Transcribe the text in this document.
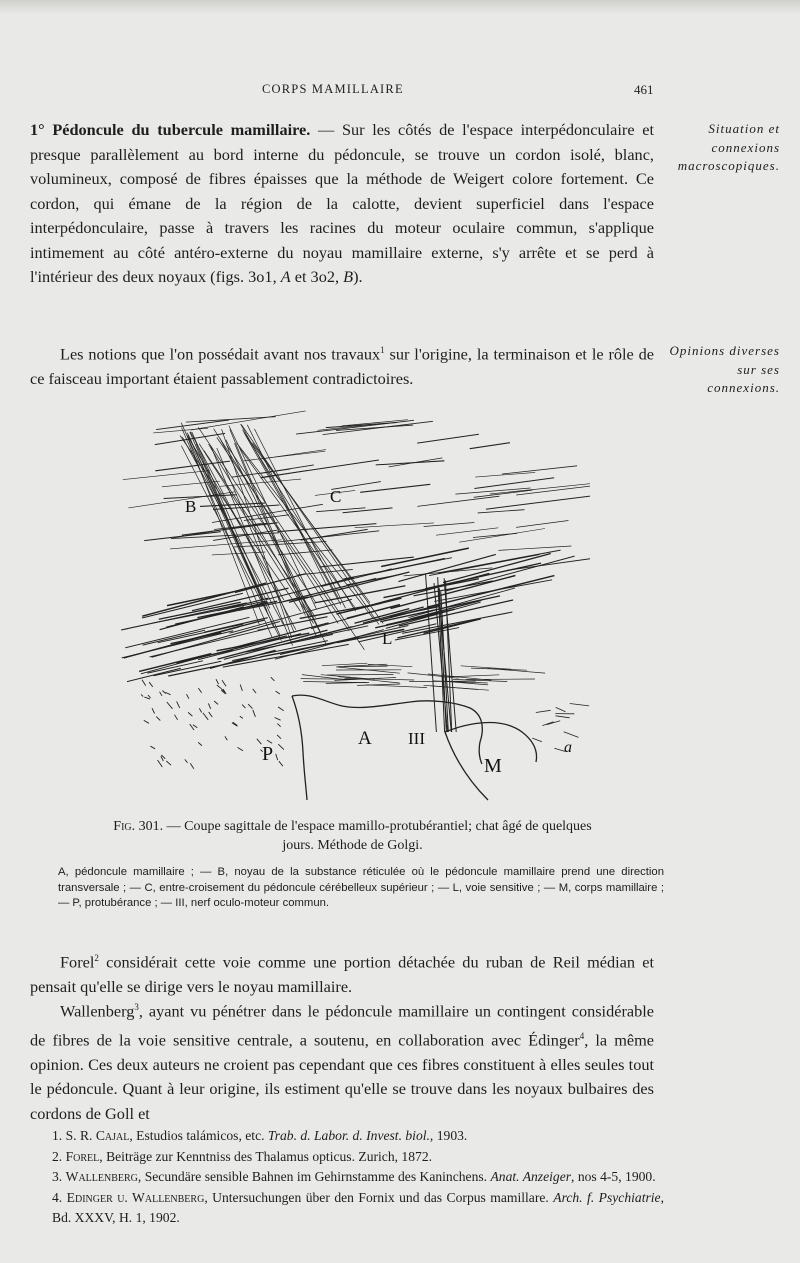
CORPS MAMILLAIRE	461
1° Pédoncule du tubercule mamillaire. — Sur les côtés de l'espace interpédonculaire et presque parallèlement au bord interne du pédoncule, se trouve un cordon isolé, blanc, volumineux, composé de fibres épaisses que la méthode de Weigert colore fortement. Ce cordon, qui émane de la région de la calotte, devient superficiel dans l'espace interpédonculaire, passe à travers les racines du moteur oculaire commun, s'applique intimement au côté antéro-externe du noyau mamillaire externe, s'y arrête et se perd à l'intérieur des deux noyaux (figs. 3o1, A et 3o2, B).
Situation et connexions macroscopiques.
Les notions que l'on possédait avant nos travaux$^1$ sur l'origine, la terminaison et le rôle de ce faisceau important étaient passablement contradictoires.
Opinions diverses sur ses connexions.
B
C
L
A III
P
M
a
Fig. 301. — Coupe sagittale de l'espace mamillo-protubérantiel; chat âgé de quelques jours. Méthode de Golgi.
A, pédoncule mamillaire ; — B, noyau de la substance réticulée où le pédoncule mamillaire prend une direction transversale ; — C, entre-croisement du pédoncule cérébelleux supérieur ; — L, voie sensitive ; — M, corps mamillaire ; — P, protubérance ; — III, nerf oculo-moteur commun.
Forel$^2$ considérait cette voie comme une portion détachée du ruban de Reil médian et pensait qu'elle se dirige vers le noyau mamillaire.
Wallenberg$^3$, ayant vu pénétrer dans le pédoncule mamillaire un contingent considérable de fibres de la voie sensitive centrale, a soutenu, en collaboration avec Édinger$^4$, la même opinion. Ces deux auteurs ne croient pas cependant que ces fibres constituent à elles seules tout le pédoncule. Quant à leur origine, ils estiment qu'elle se trouve dans les noyaux bulbaires des cordons de Goll et
1. S. R. Cajal, Estudios talámicos, etc. Trab. d. Labor. d. Invest. biol., 1903.
2. Forel, Beiträge zur Kenntniss des Thalamus opticus. Zurich, 1872.
3. Wallenberg, Secundäre sensible Bahnen im Gehirnstamme des Kaninchens. Anat. Anzeiger, nos 4-5, 1900.
4. Edinger u. Wallenberg, Untersuchungen über den Fornix und das Corpus mamillare. Arch. f. Psychiatrie, Bd. XXXV, H. 1, 1902.
